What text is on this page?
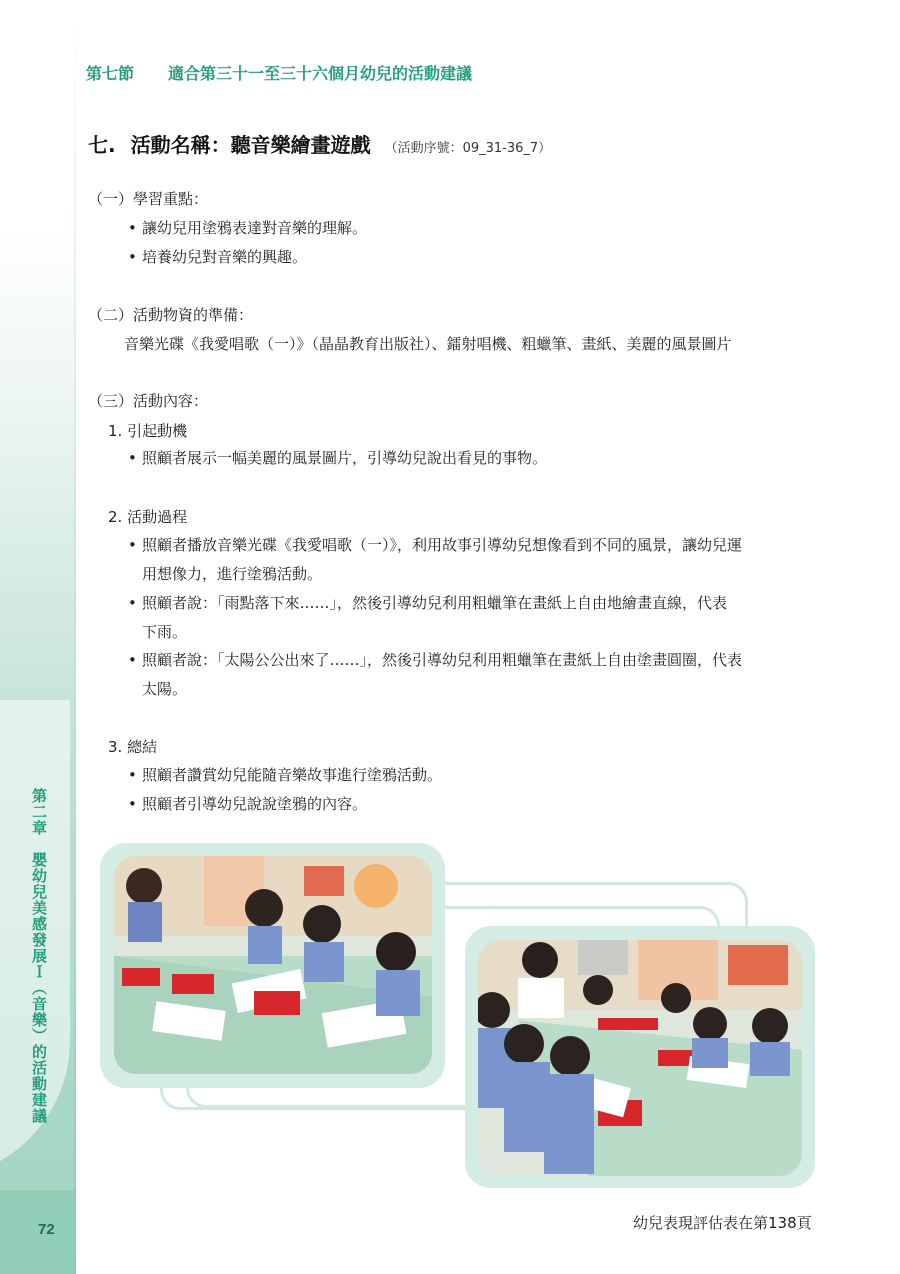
第二章　嬰幼兒美感發展Ｉ（音樂）的活動建議
72
第七節 適合第三十一至三十六個月幼兒的活動建議
七. 活動名稱：聽音樂繪畫遊戲 （活動序號：09_31-36_7）
（一）學習重點：
• 讓幼兒用塗鴉表達對音樂的理解。
• 培養幼兒對音樂的興趣。
（二）活動物資的準備：
音樂光碟《我愛唱歌（一）》（晶晶教育出版社）、鐳射唱機、粗蠟筆、畫紙、美麗的風景圖片
（三）活動內容：
1. 引起動機
• 照顧者展示一幅美麗的風景圖片，引導幼兒說出看見的事物。
2. 活動過程
• 照顧者播放音樂光碟《我愛唱歌（一）》，利用故事引導幼兒想像看到不同的風景，讓幼兒運
用想像力，進行塗鴉活動。
• 照顧者說：「雨點落下來……」，然後引導幼兒利用粗蠟筆在畫紙上自由地繪畫直線，代表
下雨。
• 照顧者說：「太陽公公出來了……」，然後引導幼兒利用粗蠟筆在畫紙上自由塗畫圓圈，代表
太陽。
3. 總結
• 照顧者讚賞幼兒能隨音樂故事進行塗鴉活動。
• 照顧者引導幼兒說說塗鴉的內容。
幼兒表現評估表在第138頁
